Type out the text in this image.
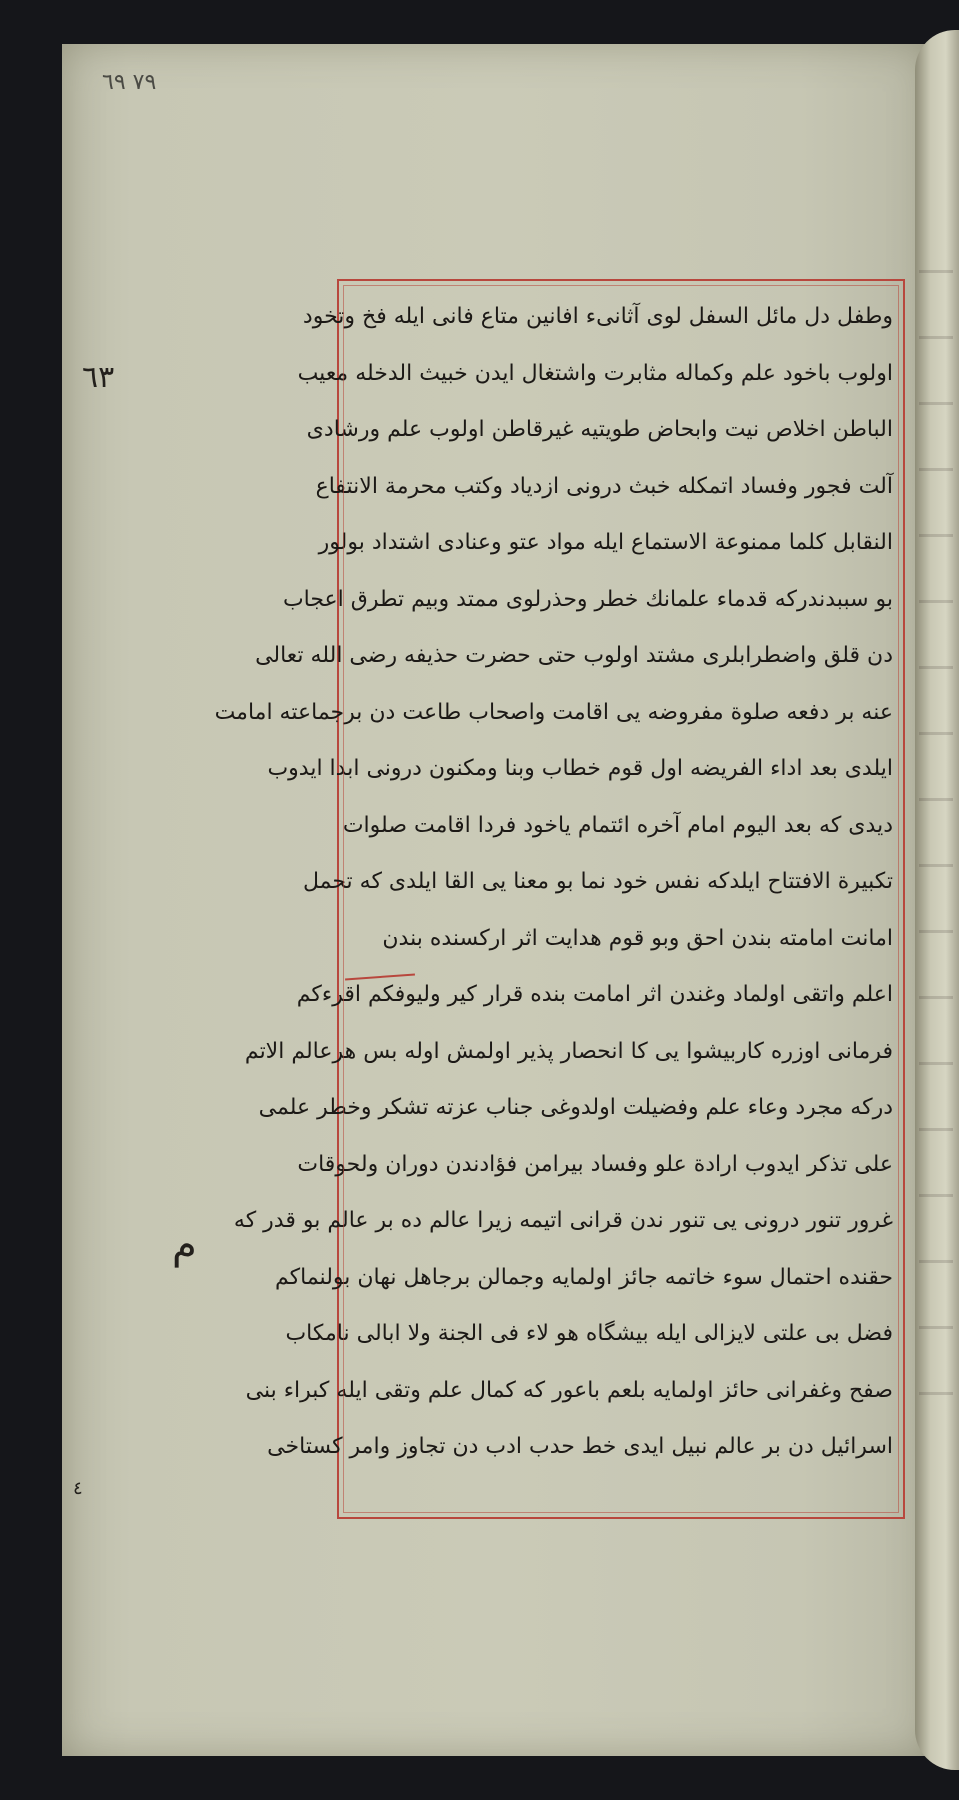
٧٩ ٦٩
٦٣
م
٤
وطفل دل مائل السفل لوی آثانیء افانین متاع فانی ایله فخ وتخود
اولوب باخود علم وكماله مثابرت واشتغال ایدن خبیث الدخله معیب
الباطن اخلاص نیت وابحاض طویتیه غیرقاطن اولوب علم ورشادی
آلت فجور وفساد اتمكله خبث درونی ازدیاد وكتب محرمة الانتفاع
النقابل كلما ممنوعة الاستماع ایله مواد عتو وعنادی اشتداد بولور
بو سببدندركه قدماء علمانك خطر وحذرلوی ممتد وبیم تطرق اعجاب
دن قلق واضطرابلری مشتد اولوب حتی حضرت حذیفه رضی الله تعالی
عنه بر دفعه صلوة مفروضه یی اقامت واصحاب طاعت دن برجماعته امامت
ایلدی بعد اداء الفریضه اول قوم خطاب وبنا ومكنون درونی ابدا ایدوب
دیدی كه بعد الیوم امام آخره ائتمام یاخود فردا اقامت صلوات
تكبیرة الافتتاح ایلدكه نفس خود نما بو معنا یی القا ایلدی كه تحمل
امانت امامته بندن احق وبو قوم هدایت اثر اركسنده بندن
اعلم واتقی اولماد وغندن اثر امامت بنده قرار كیر ولیوفكم اقرءكم
فرمانی اوزره كاربیشوا یی كا انحصار پذیر اولمش اوله بس هرعالم الاتم
دركه مجرد وعاء علم وفضیلت اولدوغی جناب عزته تشكر وخطر علمی
علی تذكر ایدوب ارادة علو وفساد بیرامن فؤادندن دوران ولحوقات
غرور تنور درونی یی تنور ندن قرانی اتیمه زیرا عالم ده بر عالم بو قدر كه
حقنده احتمال سوء خاتمه جائز اولمایه وجمالن برجاهل نهان بولنماكم
فضل بی علتی لایزالی ایله بیشگاه هو لاء فی الجنة ولا ابالی نامكاب
صفح وغفرانی حائز اولمایه بلعم باعور كه كمال علم وتقی ایله كبراء بنی
اسرائیل دن بر عالم نبیل ایدی خط حدب ادب دن تجاوز وامر كستاخی
